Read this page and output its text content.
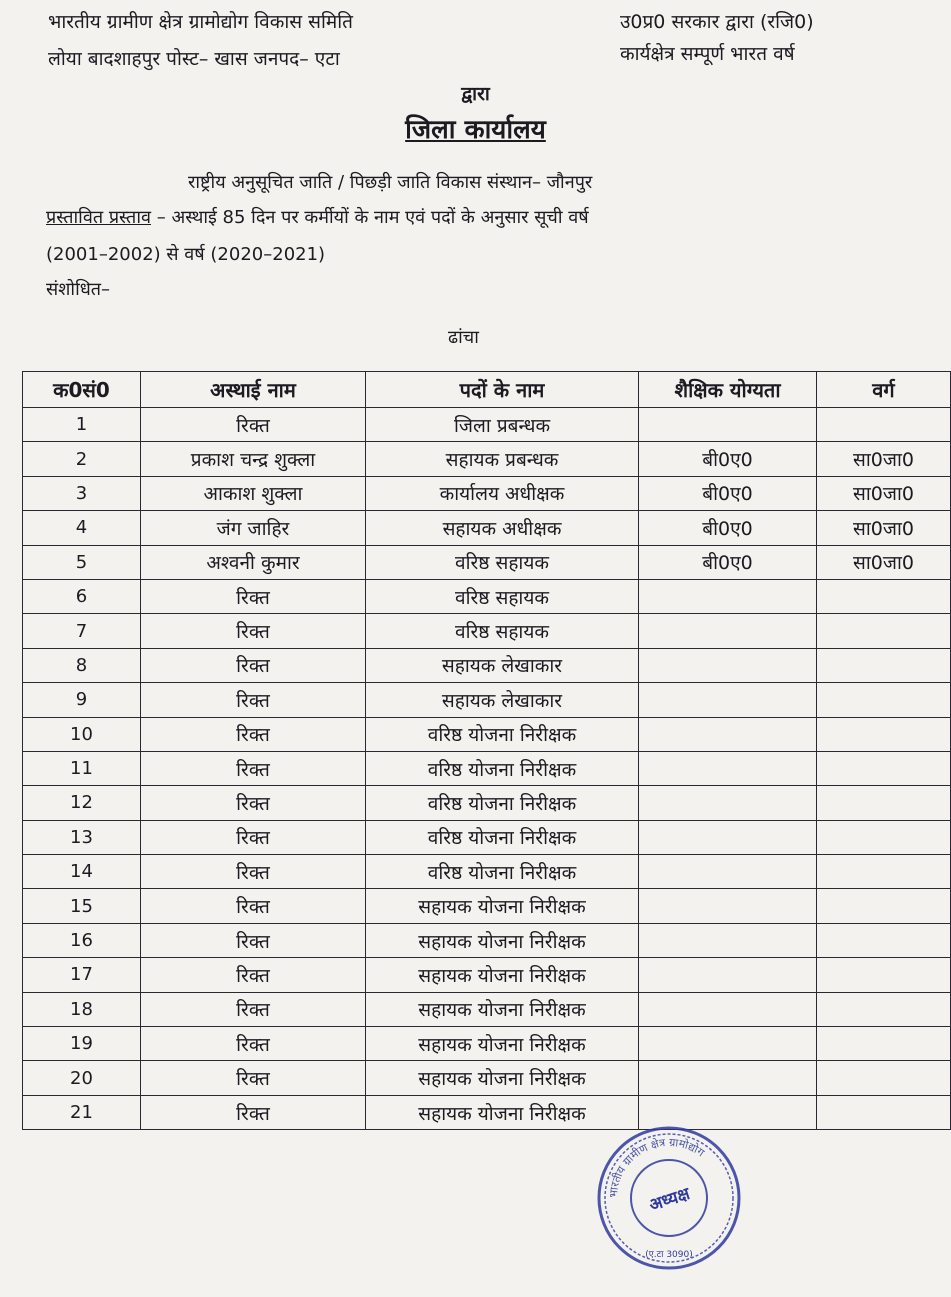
भारतीय ग्रामीण क्षेत्र ग्रामोद्योग विकास समिति
लोया बादशाहपुर पोस्ट– खास जनपद– एटा
उ0प्र0 सरकार द्वारा (रजि0)
कार्यक्षेत्र सम्पूर्ण भारत वर्ष
द्वारा
जिला कार्यालय
राष्ट्रीय अनुसूचित जाति / पिछड़ी जाति विकास संस्थान– जौनपुर
प्रस्तावित प्रस्ताव – अस्थाई 85 दिन पर कर्मीयों के नाम एवं पदों के अनुसार सूची वर्ष
(2001–2002) से वर्ष (2020–2021)
संशोधित–
ढांचा
क0सं0	अस्थाई नाम	पदों के नाम	शैक्षिक योग्यता	वर्ग
1	रिक्त	जिला प्रबन्धक		
2	प्रकाश चन्द्र शुक्ला	सहायक प्रबन्धक	बी0ए0	सा0जा0
3	आकाश शुक्ला	कार्यालय अधीक्षक	बी0ए0	सा0जा0
4	जंग जाहिर	सहायक अधीक्षक	बी0ए0	सा0जा0
5	अश्वनी कुमार	वरिष्ठ सहायक	बी0ए0	सा0जा0
6	रिक्त	वरिष्ठ सहायक		
7	रिक्त	वरिष्ठ सहायक		
8	रिक्त	सहायक लेखाकार		
9	रिक्त	सहायक लेखाकार		
10	रिक्त	वरिष्ठ योजना निरीक्षक		
11	रिक्त	वरिष्ठ योजना निरीक्षक		
12	रिक्त	वरिष्ठ योजना निरीक्षक		
13	रिक्त	वरिष्ठ योजना निरीक्षक		
14	रिक्त	वरिष्ठ योजना निरीक्षक		
15	रिक्त	सहायक योजना निरीक्षक		
16	रिक्त	सहायक योजना निरीक्षक		
17	रिक्त	सहायक योजना निरीक्षक		
18	रिक्त	सहायक योजना निरीक्षक		
19	रिक्त	सहायक योजना निरीक्षक		
20	रिक्त	सहायक योजना निरीक्षक		
21	रिक्त	सहायक योजना निरीक्षक		
भारतीय ग्रामीण क्षेत्र ग्रामोद्योग
अध्यक्ष
(ए.टा 3090)
